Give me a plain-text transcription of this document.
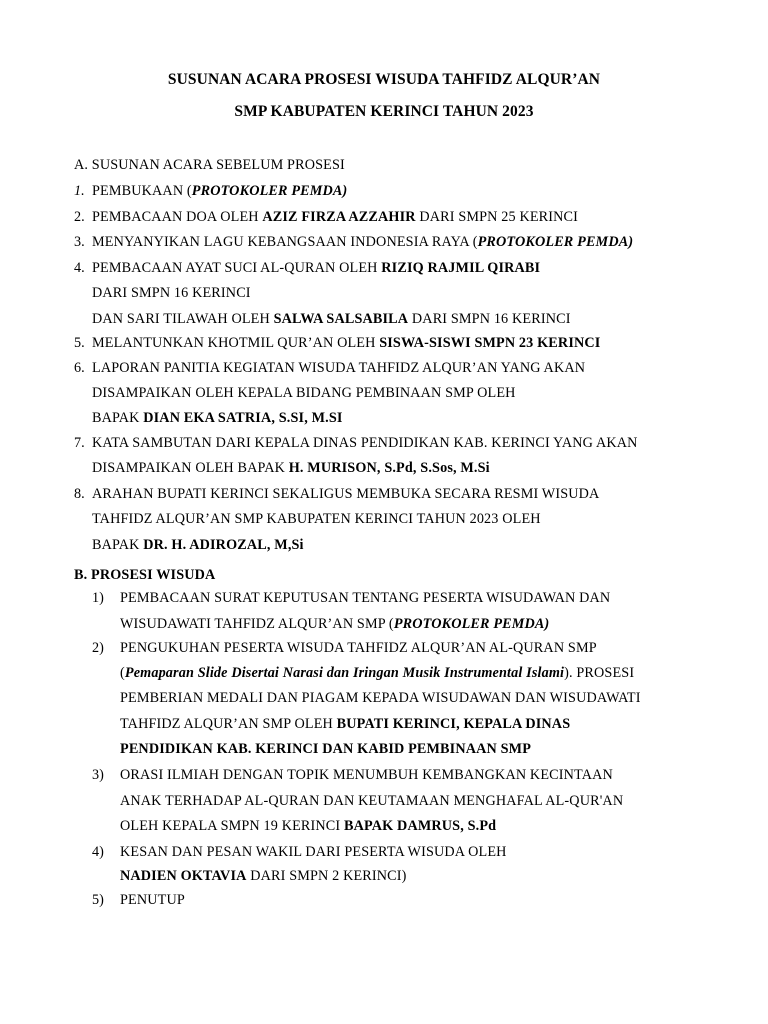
SUSUNAN ACARA PROSESI WISUDA TAHFIDZ ALQUR’AN
SMP KABUPATEN KERINCI TAHUN 2023
A. SUSUNAN ACARA SEBELUM PROSESI
1. PEMBUKAAN (PROTOKOLER PEMDA)
2. PEMBACAAN DOA OLEH AZIZ FIRZA AZZAHIR DARI SMPN 25 KERINCI
3. MENYANYIKAN LAGU KEBANGSAAN INDONESIA RAYA (PROTOKOLER PEMDA)
4. PEMBACAAN AYAT SUCI AL-QURAN OLEH RIZIQ RAJMIL QIRABI
DARI SMPN 16 KERINCI
DAN SARI TILAWAH OLEH SALWA SALSABILA DARI SMPN 16 KERINCI
5. MELANTUNKAN KHOTMIL QUR’AN OLEH SISWA-SISWI SMPN 23 KERINCI
6. LAPORAN PANITIA KEGIATAN WISUDA TAHFIDZ ALQUR’AN YANG AKAN
DISAMPAIKAN OLEH KEPALA BIDANG PEMBINAAN SMP OLEH
BAPAK DIAN EKA SATRIA, S.SI, M.SI
7. KATA SAMBUTAN DARI KEPALA DINAS PENDIDIKAN KAB. KERINCI YANG AKAN
DISAMPAIKAN OLEH BAPAK H. MURISON, S.Pd, S.Sos, M.Si
8. ARAHAN BUPATI KERINCI SEKALIGUS MEMBUKA SECARA RESMI WISUDA
TAHFIDZ ALQUR’AN SMP KABUPATEN KERINCI TAHUN 2023 OLEH
BAPAK DR. H. ADIROZAL, M,Si
B. PROSESI WISUDA
1) PEMBACAAN SURAT KEPUTUSAN TENTANG PESERTA WISUDAWAN DAN
WISUDAWATI TAHFIDZ ALQUR’AN SMP (PROTOKOLER PEMDA)
2) PENGUKUHAN PESERTA WISUDA TAHFIDZ ALQUR’AN AL-QURAN SMP
(Pemaparan Slide Disertai Narasi dan Iringan Musik Instrumental Islami). PROSESI
PEMBERIAN MEDALI DAN PIAGAM KEPADA WISUDAWAN DAN WISUDAWATI
TAHFIDZ ALQUR’AN SMP OLEH BUPATI KERINCI, KEPALA DINAS
PENDIDIKAN KAB. KERINCI DAN KABID PEMBINAAN SMP
3) ORASI ILMIAH DENGAN TOPIK MENUMBUH KEMBANGKAN KECINTAAN
ANAK TERHADAP AL-QURAN DAN KEUTAMAAN MENGHAFAL AL-QUR'AN
OLEH KEPALA SMPN 19 KERINCI BAPAK DAMRUS, S.Pd
4) KESAN DAN PESAN WAKIL DARI PESERTA WISUDA OLEH
NADIEN OKTAVIA DARI SMPN 2 KERINCI)
5) PENUTUP
